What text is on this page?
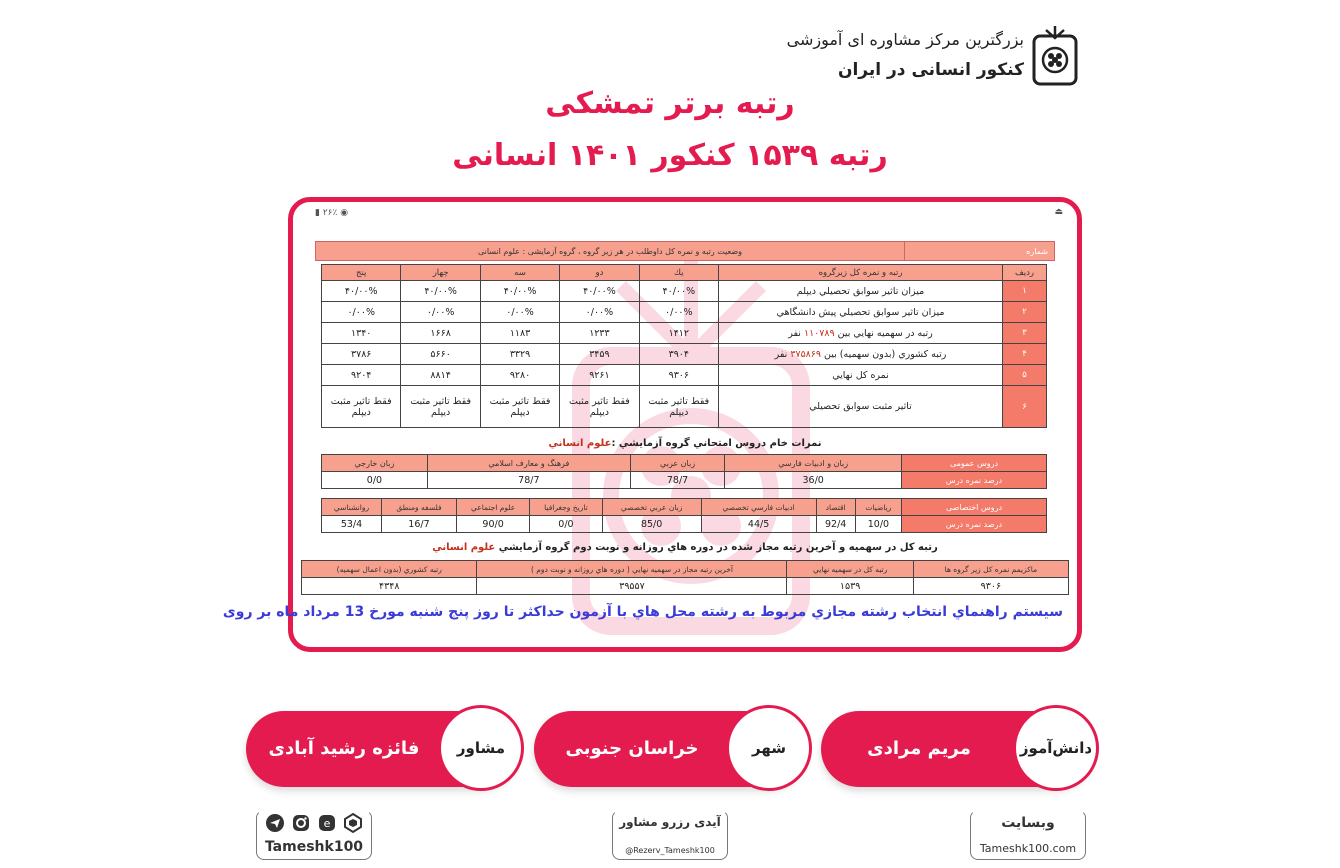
بزرگترین مرکز مشاوره ای آموزشی
کنکور انسانی در ایران
رتبه برتر تمشکی
رتبه ۱۵۳۹ کنکور ۱۴۰۱ انسانی
▮ ۲۶٪ ◉	⏏
وضعیت رتبه و نمره کل داوطلب در هر زیر گروه ، گروه آزمایشی : علوم انسانی	شماره
رديف	رتبه و نمره كل زيرگروه	يك	دو	سه	چهار	پنج
۱	ميزان تاثير سوابق تحصيلي ديپلم	۴۰/۰۰%	۴۰/۰۰%	۴۰/۰۰%	۴۰/۰۰%	۴۰/۰۰%
۲	ميزان تاثير سوابق تحصيلي پيش دانشگاهي	۰/۰۰%	۰/۰۰%	۰/۰۰%	۰/۰۰%	۰/۰۰%
۳	رتبه در سهميه نهايي بين ۱۱۰۷۸۹ نفر	۱۴۱۲	۱۲۳۳	۱۱۸۳	۱۶۶۸	۱۳۴۰
۴	رتبه كشوري (بدون سهميه) بين ۳۷۵۸۶۹ نفر	۳۹۰۴	۳۴۵۹	۳۳۲۹	۵۶۶۰	۳۷۸۶
۵	نمره كل نهايي	۹۳۰۶	۹۲۶۱	۹۲۸۰	۸۸۱۴	۹۲۰۴
۶	تاثير مثبت سوابق تحصيلي	فقط تاثير مثبت ديپلم	فقط تاثير مثبت ديپلم	فقط تاثير مثبت ديپلم	فقط تاثير مثبت ديپلم	فقط تاثير مثبت ديپلم
نمرات خام دروس امتحاني گروه آزمايشي :علوم انساني
دروس عمومی	زبان و ادبيات فارسي	زبان عربي	فرهنگ و معارف اسلامي	زبان خارجي
درصد نمره درس	36/0	78/7	78/7	0/0
دروس اختصاصی	رياضيات	اقتصاد	ادبيات فارسي تخصصي	زبان عربي تخصصي	تاريخ وجغرافيا	علوم اجتماعي	فلسفه ومنطق	روانشناسي
درصد نمره درس	10/0	92/4	44/5	85/0	0/0	90/0	16/7	53/4
رتبه كل در سهميه و آخرين رتبه مجاز شده در دوره هاي روزانه و نوبت دوم گروه آزمايشي علوم انساني
ماكزيمم نمره كل زير گروه ها	رتبه كل در سهميه نهايي	آخرين رتبه مجاز در سهميه نهايي ( دوره هاي روزانه و نوبت دوم )	رتبه كشوري (بدون اعمال سهميه)
۹۳۰۶	۱۵۳۹	۳۹۵۵۷	۴۳۴۸
سيستم راهنماي انتخاب رشته مجازي مربوط به رشته محل هاي با آزمون حداكثر تا روز پنج شنبه مورخ 13 مرداد ماه بر روی
مریم مرادی	دانش‌آموز
خراسان جنوبی	شهر
فائزه رشید آبادی	مشاور
وبسایت
Tameshk100.com
آیدی رزرو مشاور
@Rezerv_Tameshk100
e
Tameshk100
